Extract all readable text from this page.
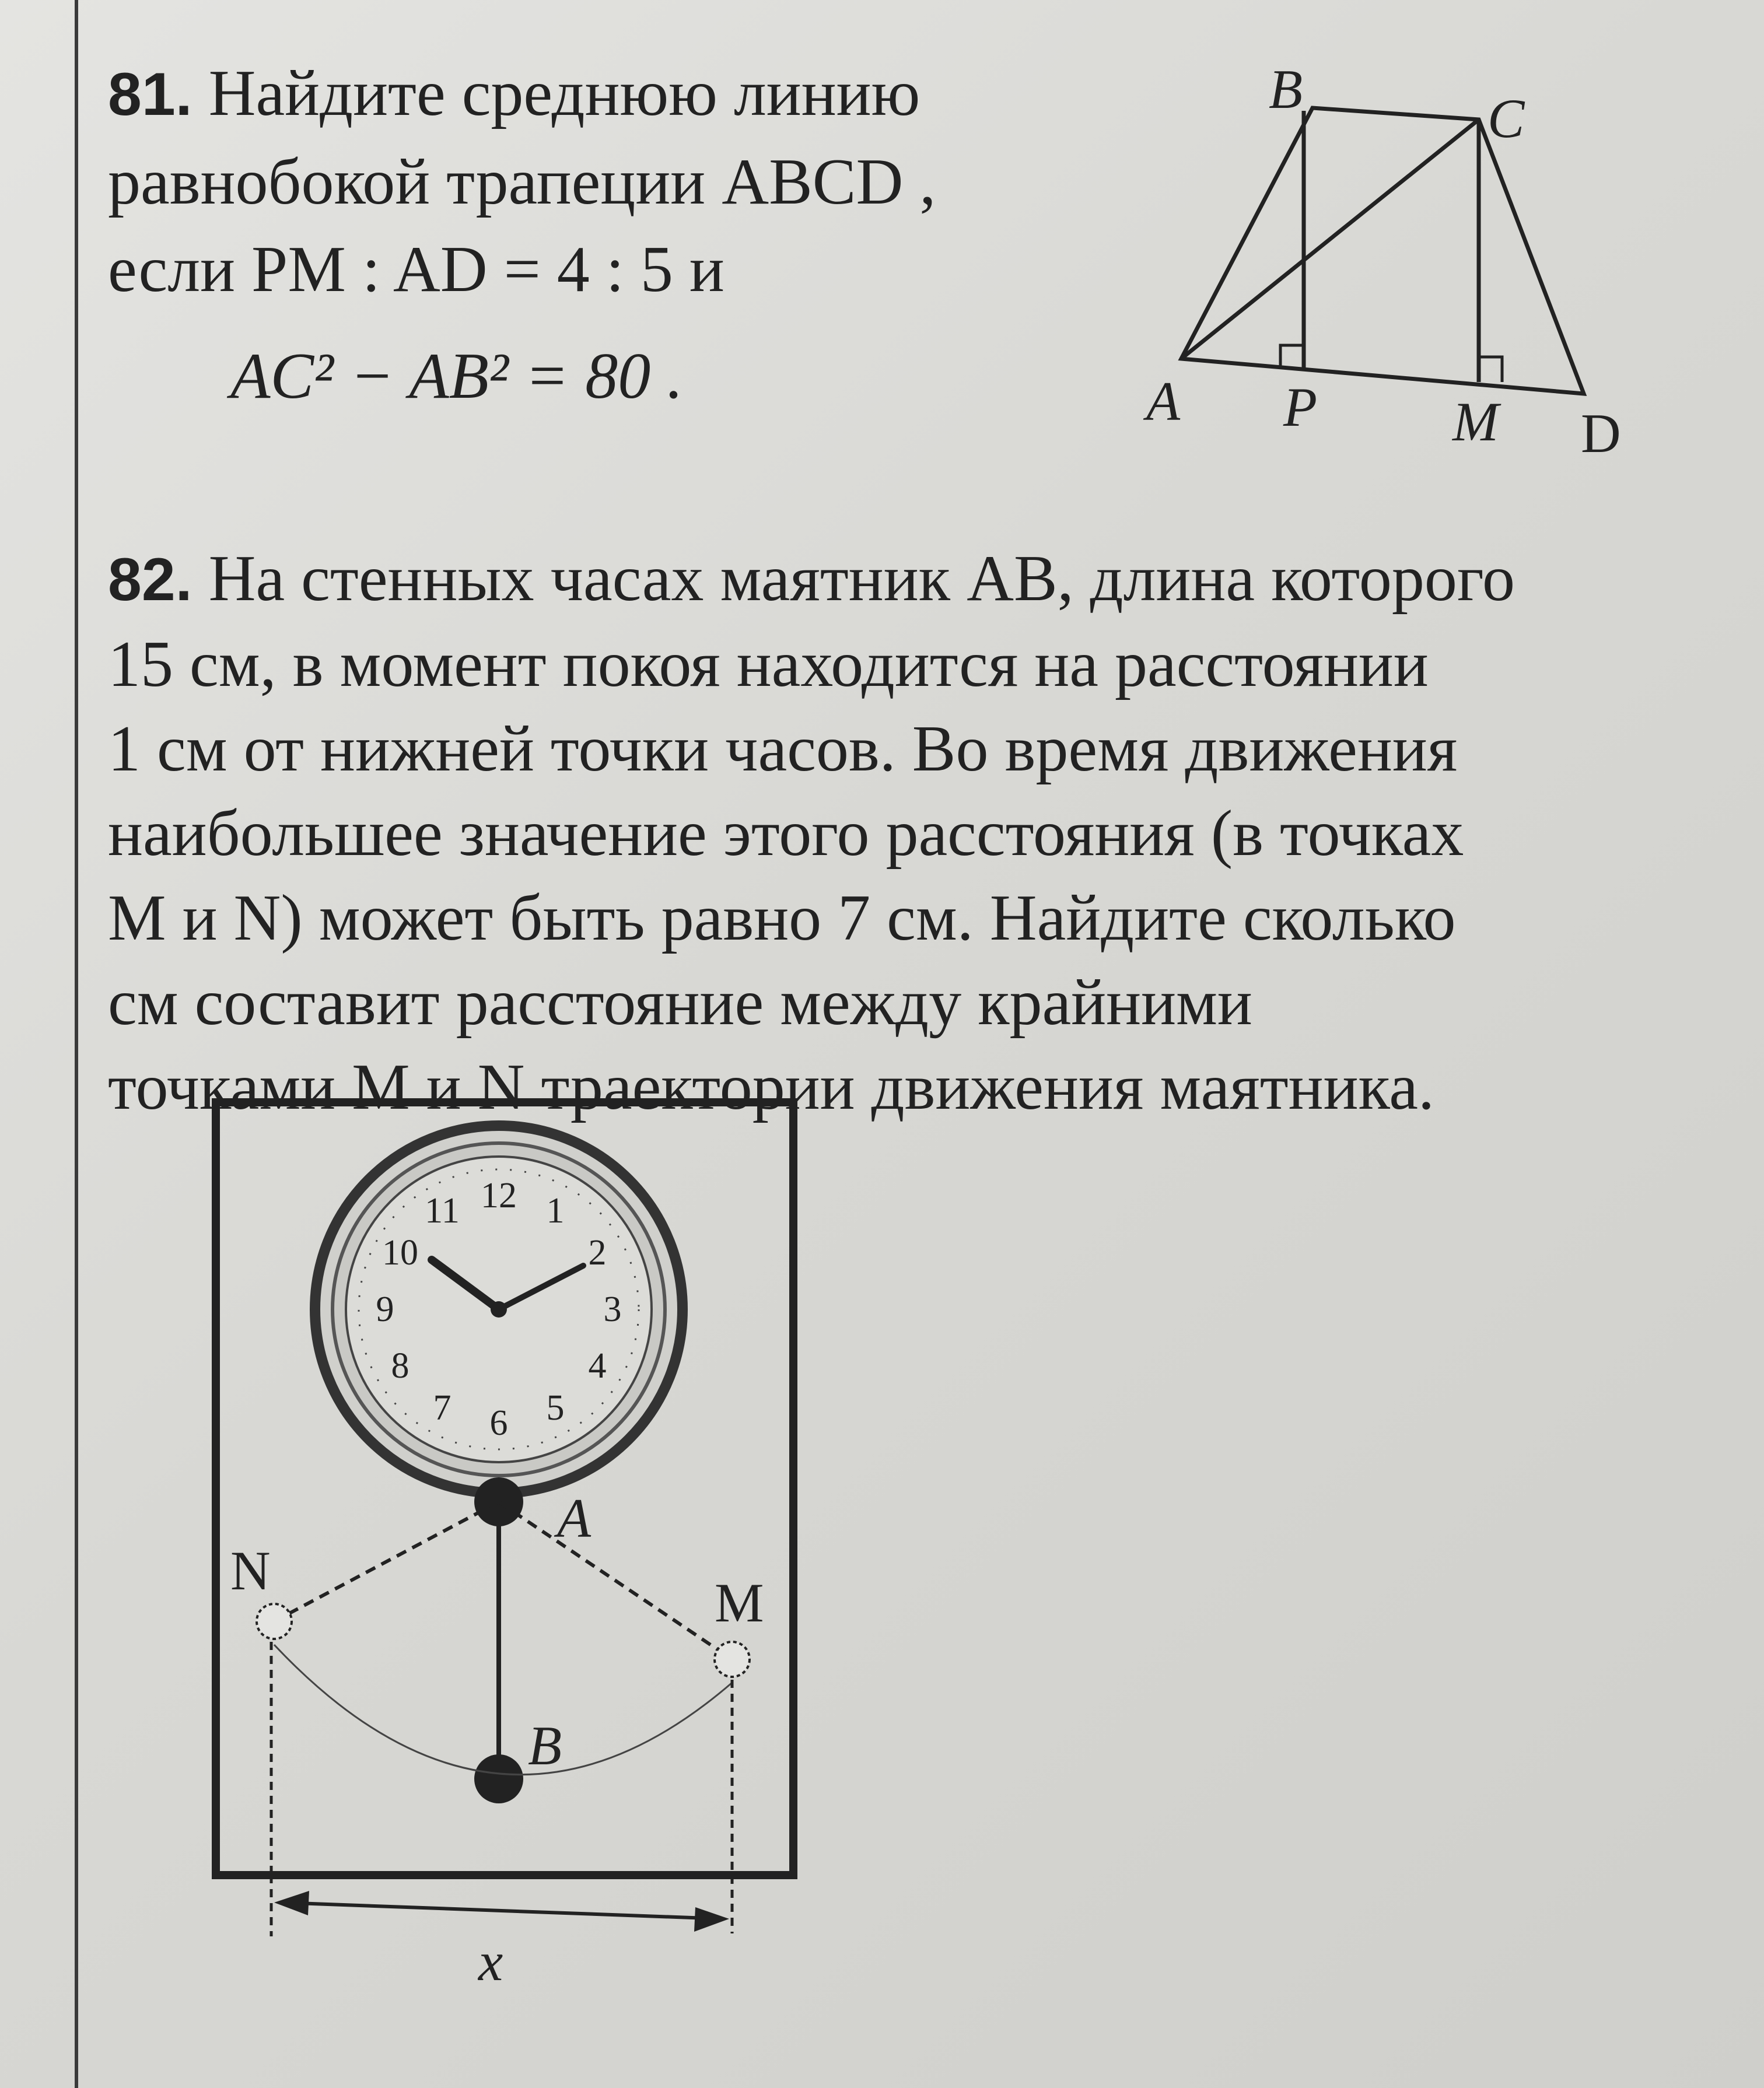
81. Найдите среднюю линию
равнобокой трапеции ABCD ,
если PM : AD = 4 : 5 и
AC² − AB² = 80 .
82. На стенных часах маятник AB, длина которого
15 см, в момент покоя находится на расстоянии
1 см от нижней точки часов. Во время движения
наибольшее значение этого расстояния (в точках
M и N) может быть равно 7 см. Найдите сколько
см составит расстояние между крайними
точками M и N траектории движения маятника.
B	C
A P M D
12 1
2
3
4
5
6
7
8
9
10
11
N
M
A
B
x
